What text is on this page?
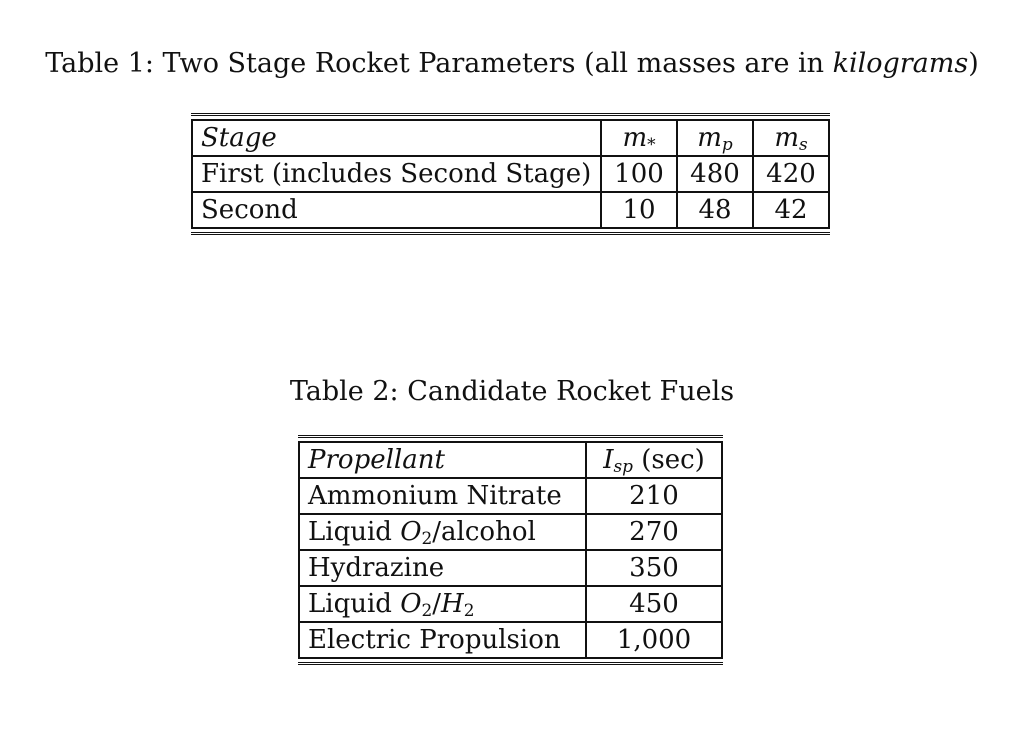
Table 1: Two Stage Rocket Parameters (all masses are in kilograms)
Stage	$m_*$	$m_p$	$m_s$
First (includes Second Stage)	100	480	420
Second	10	48	42
Table 2: Candidate Rocket Fuels
Propellant	$I_{sp}$ (sec)
Ammonium Nitrate	210
Liquid $O_2$/alcohol	270
Hydrazine	350
Liquid $O_2/H_2$	450
Electric Propulsion	1,000
